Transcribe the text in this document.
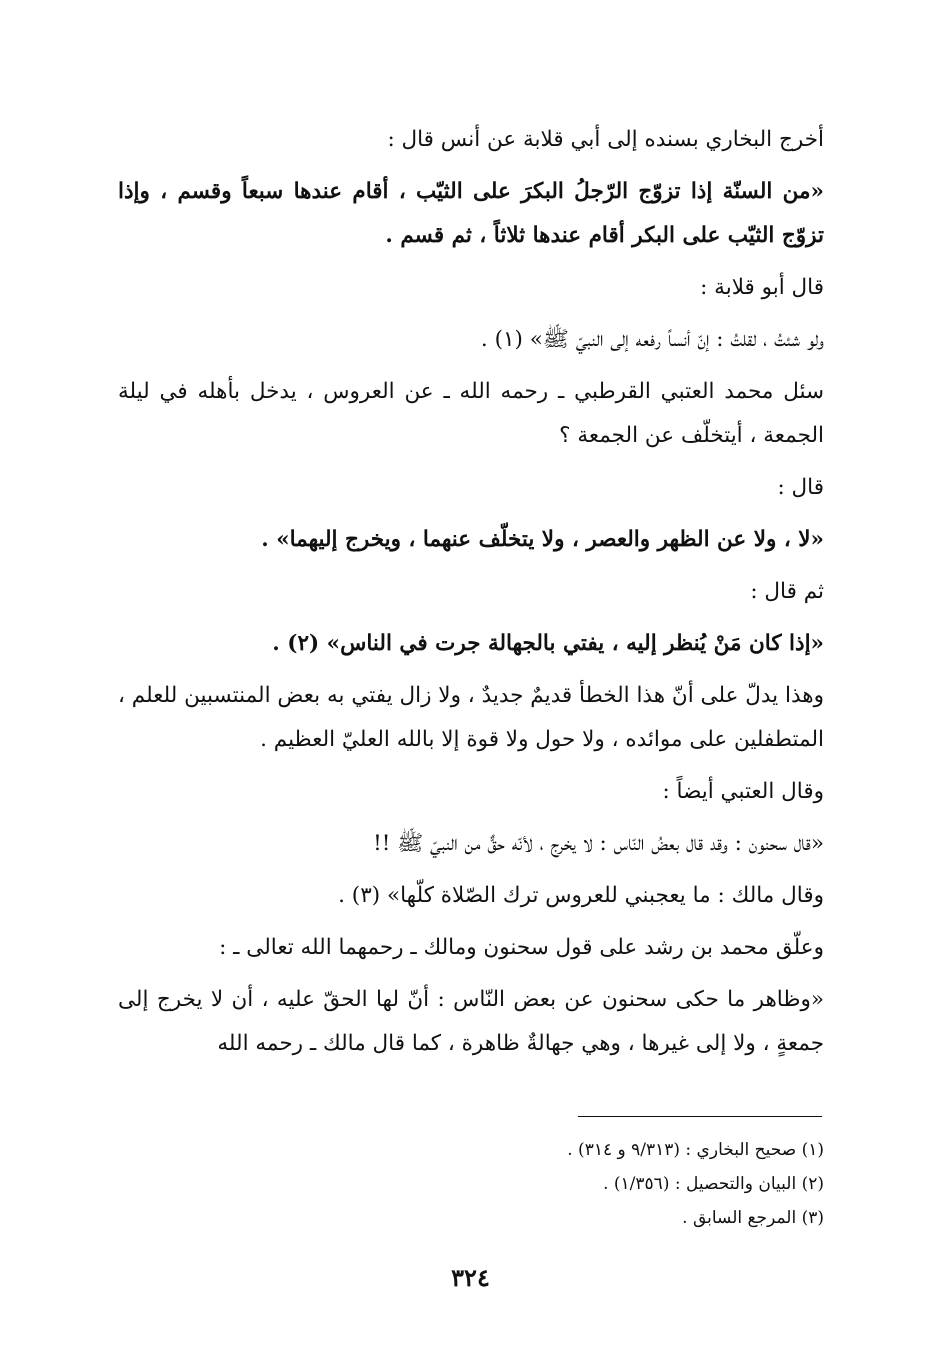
أخرج البخاري بسنده إلى أبي قلابة عن أنس قال :

«من السنّة إذا تزوّج الرّجلُ البكرَ على الثيّب ، أقام عندها سبعاً وقسم ، وإذا تزوّج الثيّب على البكر أقام عندها ثلاثاً ، ثم قسم .

قال أبو قلابة :

ولو شئتُ ، لقلتُ : إنّ أنساً رفعه إلى النبيّ ﷺ» (١) .

سئل محمد العتبي القرطبي ـ رحمه الله ـ عن العروس ، يدخل بأهله في ليلة الجمعة ، أيتخلّف عن الجمعة ؟

قال :

«لا ، ولا عن الظهر والعصر ، ولا يتخلّف عنهما ، ويخرج إليهما» .

ثم قال :

«إذا كان مَنْ يُنظر إليه ، يفتي بالجهالة جرت في الناس» (٢) .

وهذا يدلّ على أنّ هذا الخطأ قديمٌ جديدٌ ، ولا زال يفتي به بعض المنتسبين للعلم ، المتطفلين على موائده ، ولا حول ولا قوة إلا بالله العليّ العظيم .

وقال العتبي أيضاً :

«قال سحنون : وقد قال بعضُ النّاس : لا يخرج ، لأنّه حقٌّ من النبيّ ﷺ !!

وقال مالك : ما يعجبني للعروس ترك الصّلاة كلّها» (٣) .

وعلّق محمد بن رشد على قول سحنون ومالك ـ رحمهما الله تعالى ـ :

«وظاهر ما حكى سحنون عن بعض النّاس : أنّ لها الحقّ عليه ، أن لا يخرج إلى جمعةٍ ، ولا إلى غيرها ، وهي جهالةٌ ظاهرة ، كما قال مالك ـ رحمه الله

(١) صحيح البخاري : (٩/٣١٣ و ٣١٤) .

(٢) البيان والتحصيل : (١/٣٥٦) .

(٣) المرجع السابق .

٣٢٤
